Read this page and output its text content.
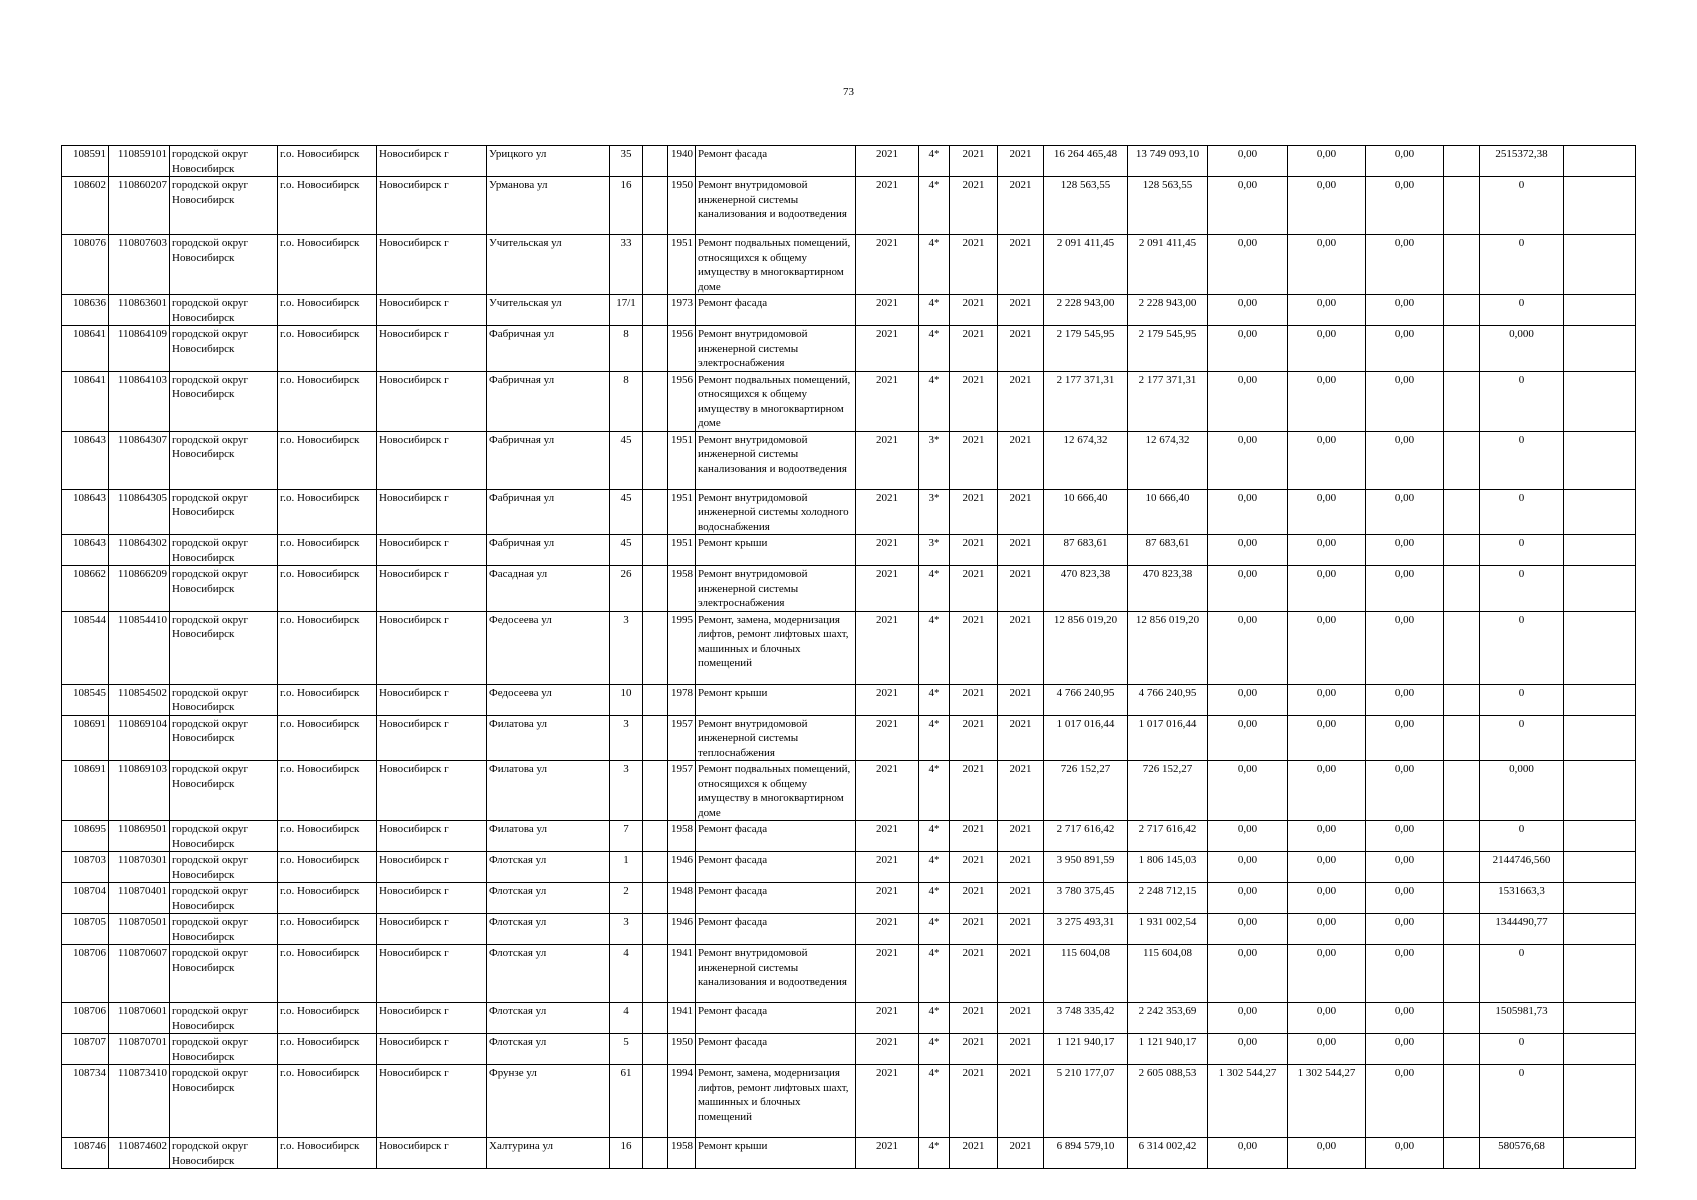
73
108591	110859101	городской округ Новосибирск	г.о. Новосибирск	Новосибирск г	Урицкого ул	35		1940	Ремонт фасада	2021	4*	2021	2021	16 264 465,48	13 749 093,10	0,00	0,00	0,00		2515372,38	
108602	110860207	городской округ Новосибирск	г.о. Новосибирск	Новосибирск г	Урманова ул	16		1950	Ремонт внутридомовой инженерной системы канализования и водоотведения	2021	4*	2021	2021	128 563,55	128 563,55	0,00	0,00	0,00		0	
108076	110807603	городской округ Новосибирск	г.о. Новосибирск	Новосибирск г	Учительская ул	33		1951	Ремонт подвальных помещений, относящихся к общему имуществу в многоквартирном доме	2021	4*	2021	2021	2 091 411,45	2 091 411,45	0,00	0,00	0,00		0	
108636	110863601	городской округ Новосибирск	г.о. Новосибирск	Новосибирск г	Учительская ул	17/1		1973	Ремонт фасада	2021	4*	2021	2021	2 228 943,00	2 228 943,00	0,00	0,00	0,00		0	
108641	110864109	городской округ Новосибирск	г.о. Новосибирск	Новосибирск г	Фабричная ул	8		1956	Ремонт внутридомовой инженерной системы электроснабжения	2021	4*	2021	2021	2 179 545,95	2 179 545,95	0,00	0,00	0,00		0,000	
108641	110864103	городской округ Новосибирск	г.о. Новосибирск	Новосибирск г	Фабричная ул	8		1956	Ремонт подвальных помещений, относящихся к общему имуществу в многоквартирном доме	2021	4*	2021	2021	2 177 371,31	2 177 371,31	0,00	0,00	0,00		0	
108643	110864307	городской округ Новосибирск	г.о. Новосибирск	Новосибирск г	Фабричная ул	45		1951	Ремонт внутридомовой инженерной системы канализования и водоотведения	2021	3*	2021	2021	12 674,32	12 674,32	0,00	0,00	0,00		0	
108643	110864305	городской округ Новосибирск	г.о. Новосибирск	Новосибирск г	Фабричная ул	45		1951	Ремонт внутридомовой инженерной системы холодного водоснабжения	2021	3*	2021	2021	10 666,40	10 666,40	0,00	0,00	0,00		0	
108643	110864302	городской округ Новосибирск	г.о. Новосибирск	Новосибирск г	Фабричная ул	45		1951	Ремонт крыши	2021	3*	2021	2021	87 683,61	87 683,61	0,00	0,00	0,00		0	
108662	110866209	городской округ Новосибирск	г.о. Новосибирск	Новосибирск г	Фасадная ул	26		1958	Ремонт внутридомовой инженерной системы электроснабжения	2021	4*	2021	2021	470 823,38	470 823,38	0,00	0,00	0,00		0	
108544	110854410	городской округ Новосибирск	г.о. Новосибирск	Новосибирск г	Федосеева ул	3		1995	Ремонт, замена, модернизация лифтов, ремонт лифтовых шахт, машинных и блочных помещений	2021	4*	2021	2021	12 856 019,20	12 856 019,20	0,00	0,00	0,00		0	
108545	110854502	городской округ Новосибирск	г.о. Новосибирск	Новосибирск г	Федосеева ул	10		1978	Ремонт крыши	2021	4*	2021	2021	4 766 240,95	4 766 240,95	0,00	0,00	0,00		0	
108691	110869104	городской округ Новосибирск	г.о. Новосибирск	Новосибирск г	Филатова ул	3		1957	Ремонт внутридомовой инженерной системы теплоснабжения	2021	4*	2021	2021	1 017 016,44	1 017 016,44	0,00	0,00	0,00		0	
108691	110869103	городской округ Новосибирск	г.о. Новосибирск	Новосибирск г	Филатова ул	3		1957	Ремонт подвальных помещений, относящихся к общему имуществу в многоквартирном доме	2021	4*	2021	2021	726 152,27	726 152,27	0,00	0,00	0,00		0,000	
108695	110869501	городской округ Новосибирск	г.о. Новосибирск	Новосибирск г	Филатова ул	7		1958	Ремонт фасада	2021	4*	2021	2021	2 717 616,42	2 717 616,42	0,00	0,00	0,00		0	
108703	110870301	городской округ Новосибирск	г.о. Новосибирск	Новосибирск г	Флотская ул	1		1946	Ремонт фасада	2021	4*	2021	2021	3 950 891,59	1 806 145,03	0,00	0,00	0,00		2144746,560	
108704	110870401	городской округ Новосибирск	г.о. Новосибирск	Новосибирск г	Флотская ул	2		1948	Ремонт фасада	2021	4*	2021	2021	3 780 375,45	2 248 712,15	0,00	0,00	0,00		1531663,3	
108705	110870501	городской округ Новосибирск	г.о. Новосибирск	Новосибирск г	Флотская ул	3		1946	Ремонт фасада	2021	4*	2021	2021	3 275 493,31	1 931 002,54	0,00	0,00	0,00		1344490,77	
108706	110870607	городской округ Новосибирск	г.о. Новосибирск	Новосибирск г	Флотская ул	4		1941	Ремонт внутридомовой инженерной системы канализования и водоотведения	2021	4*	2021	2021	115 604,08	115 604,08	0,00	0,00	0,00		0	
108706	110870601	городской округ Новосибирск	г.о. Новосибирск	Новосибирск г	Флотская ул	4		1941	Ремонт фасада	2021	4*	2021	2021	3 748 335,42	2 242 353,69	0,00	0,00	0,00		1505981,73	
108707	110870701	городской округ Новосибирск	г.о. Новосибирск	Новосибирск г	Флотская ул	5		1950	Ремонт фасада	2021	4*	2021	2021	1 121 940,17	1 121 940,17	0,00	0,00	0,00		0	
108734	110873410	городской округ Новосибирск	г.о. Новосибирск	Новосибирск г	Фрунзе ул	61		1994	Ремонт, замена, модернизация лифтов, ремонт лифтовых шахт, машинных и блочных помещений	2021	4*	2021	2021	5 210 177,07	2 605 088,53	1 302 544,27	1 302 544,27	0,00		0	
108746	110874602	городской округ Новосибирск	г.о. Новосибирск	Новосибирск г	Халтурина ул	16		1958	Ремонт крыши	2021	4*	2021	2021	6 894 579,10	6 314 002,42	0,00	0,00	0,00		580576,68	
